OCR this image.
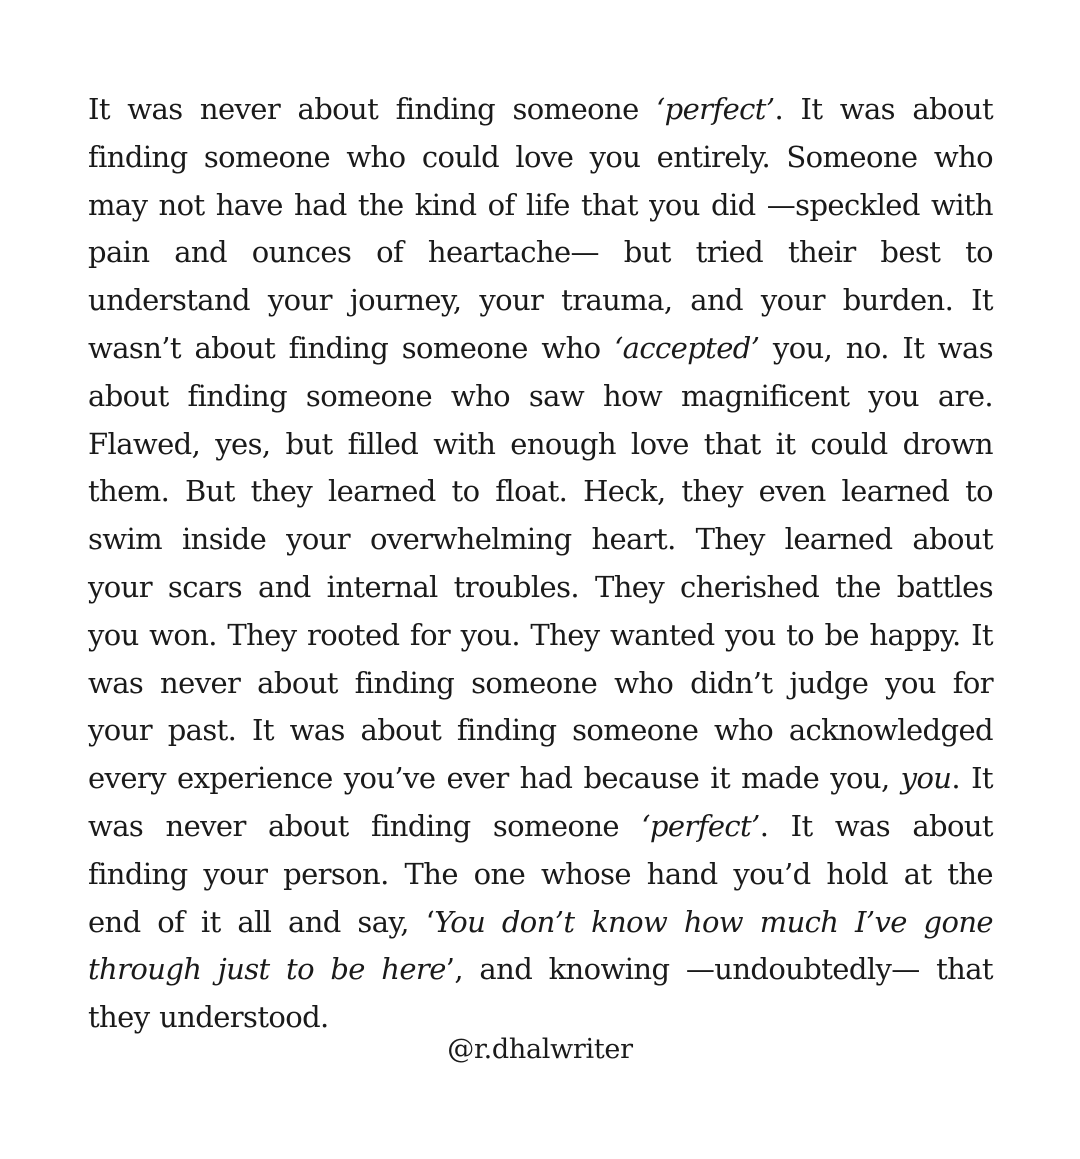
It was never about finding someone ‘perfect’. It was about finding someone who could love you entirely. Someone who may not have had the kind of life that you did —speckled with pain and ounces of heartache— but tried their best to understand your journey, your trauma, and your burden. It wasn’t about finding someone who ‘accepted’ you, no. It was about finding someone who saw how magnificent you are. Flawed, yes, but filled with enough love that it could drown them. But they learned to float. Heck, they even learned to swim inside your overwhelming heart. They learned about your scars and internal troubles. They cherished the battles you won. They rooted for you. They wanted you to be happy. It was never about finding someone who didn’t judge you for your past. It was about finding someone who acknowledged every experience you’ve ever had because it made you, you. It was never about finding someone ‘perfect’. It was about finding your person. The one whose hand you’d hold at the end of it all and say, ‘You don’t know how much I’ve gone through just to be here’, and knowing —undoubtedly— that they understood.

@r.dhalwriter
